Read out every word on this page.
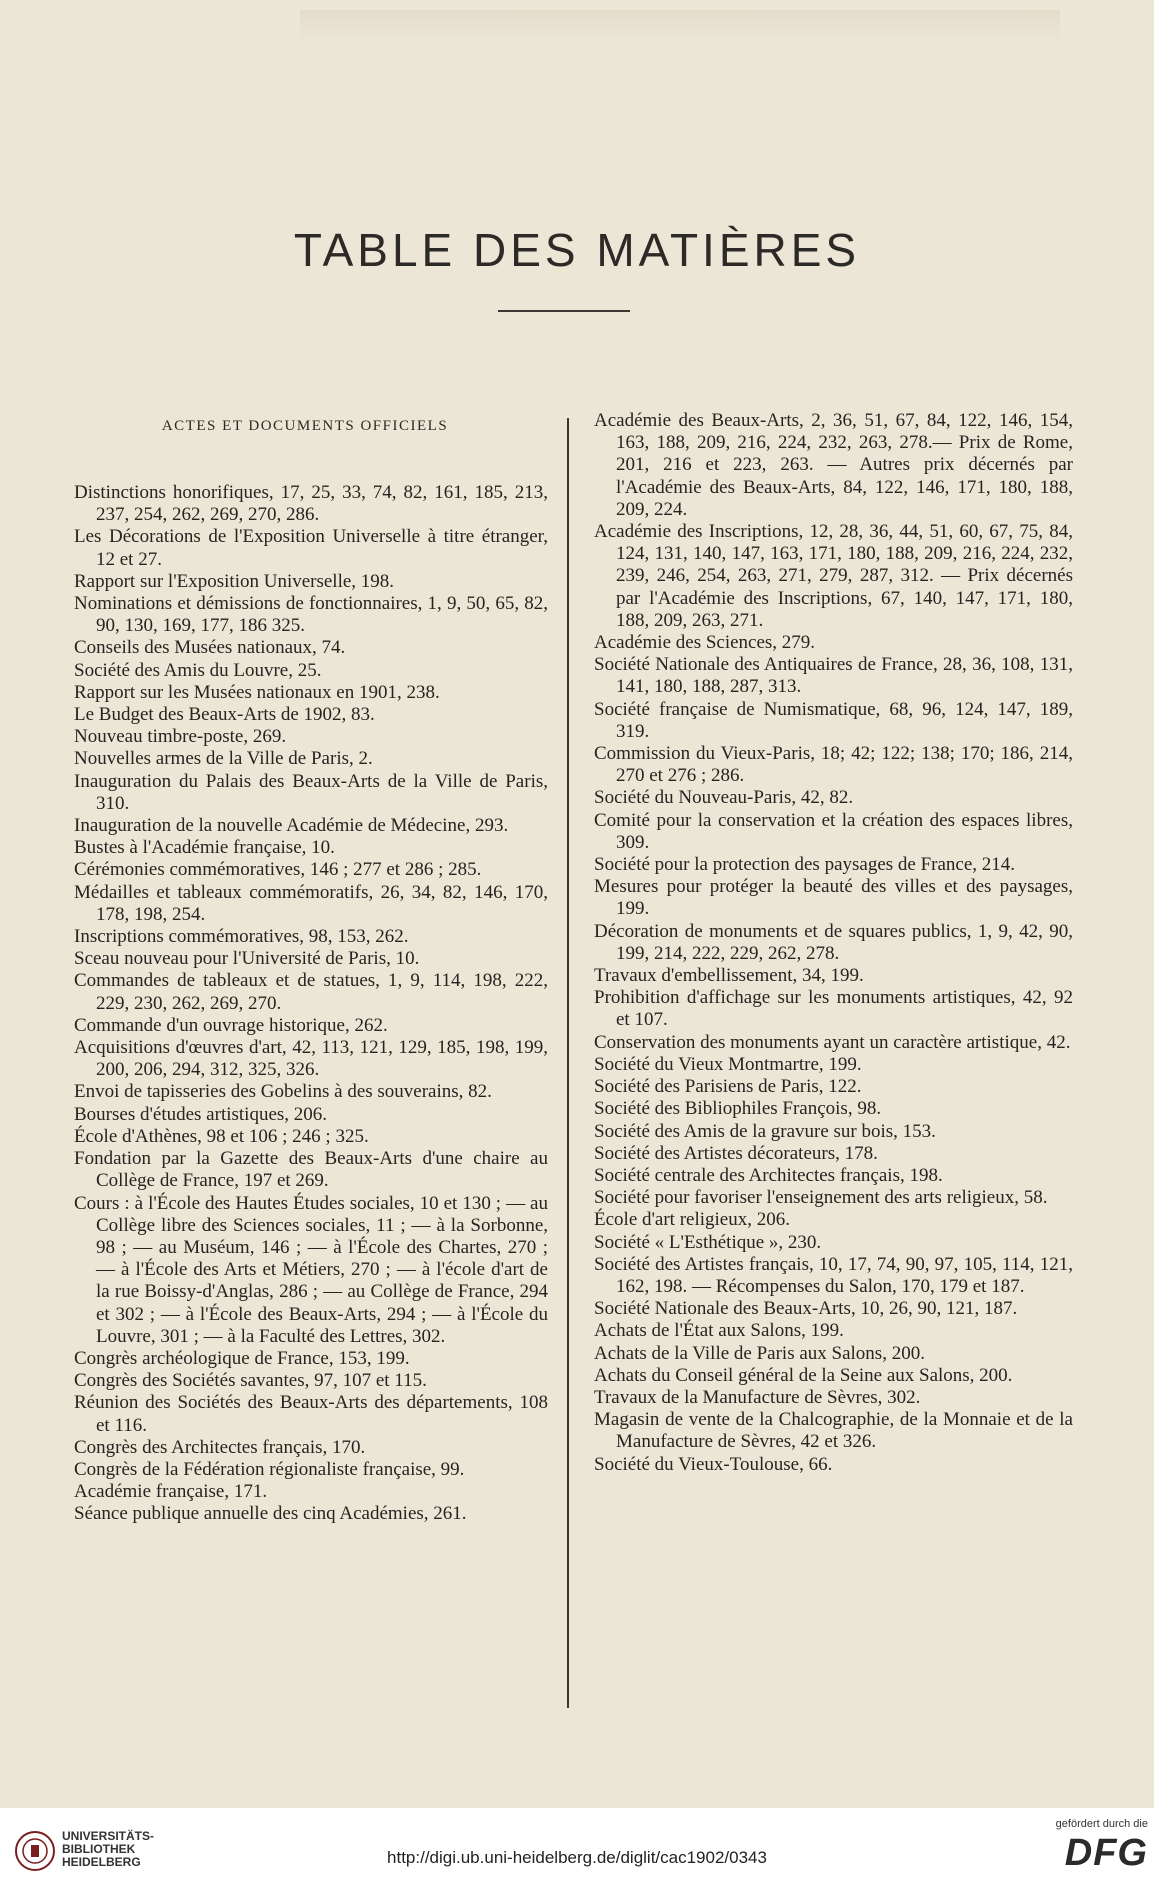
TABLE DES MATIÈRES
ACTES ET DOCUMENTS OFFICIELS

Distinctions honorifiques, 17, 25, 33, 74, 82, 161, 185, 213, 237, 254, 262, 269, 270, 286.

Les Décorations de l'Exposition Universelle à titre étranger, 12 et 27.

Rapport sur l'Exposition Universelle, 198.

Nominations et démissions de fonctionnaires, 1, 9, 50, 65, 82, 90, 130, 169, 177, 186 325.

Conseils des Musées nationaux, 74.

Société des Amis du Louvre, 25.

Rapport sur les Musées nationaux en 1901, 238.

Le Budget des Beaux-Arts de 1902, 83.

Nouveau timbre-poste, 269.

Nouvelles armes de la Ville de Paris, 2.

Inauguration du Palais des Beaux-Arts de la Ville de Paris, 310.

Inauguration de la nouvelle Académie de Médecine, 293.

Bustes à l'Académie française, 10.

Cérémonies commémoratives, 146 ; 277 et 286 ; 285.

Médailles et tableaux commémoratifs, 26, 34, 82, 146, 170, 178, 198, 254.

Inscriptions commémoratives, 98, 153, 262.

Sceau nouveau pour l'Université de Paris, 10.

Commandes de tableaux et de statues, 1, 9, 114, 198, 222, 229, 230, 262, 269, 270.

Commande d'un ouvrage historique, 262.

Acquisitions d'œuvres d'art, 42, 113, 121, 129, 185, 198, 199, 200, 206, 294, 312, 325, 326.

Envoi de tapisseries des Gobelins à des souverains, 82.

Bourses d'études artistiques, 206.

École d'Athènes, 98 et 106 ; 246 ; 325.

Fondation par la Gazette des Beaux-Arts d'une chaire au Collège de France, 197 et 269.

Cours : à l'École des Hautes Études sociales, 10 et 130 ; — au Collège libre des Sciences sociales, 11 ; — à la Sorbonne, 98 ; — au Muséum, 146 ; — à l'École des Chartes, 270 ; — à l'École des Arts et Métiers, 270 ; — à l'école d'art de la rue Boissy-d'Anglas, 286 ; — au Collège de France, 294 et 302 ; — à l'École des Beaux-Arts, 294 ; — à l'École du Louvre, 301 ; — à la Faculté des Lettres, 302.

Congrès archéologique de France, 153, 199.

Congrès des Sociétés savantes, 97, 107 et 115.

Réunion des Sociétés des Beaux-Arts des départements, 108 et 116.

Congrès des Architectes français, 170.

Congrès de la Fédération régionaliste française, 99.

Académie française, 171.

Séance publique annuelle des cinq Académies, 261.

Académie des Beaux-Arts, 2, 36, 51, 67, 84, 122, 146, 154, 163, 188, 209, 216, 224, 232, 263, 278.— Prix de Rome, 201, 216 et 223, 263. — Autres prix décernés par l'Académie des Beaux-Arts, 84, 122, 146, 171, 180, 188, 209, 224.

Académie des Inscriptions, 12, 28, 36, 44, 51, 60, 67, 75, 84, 124, 131, 140, 147, 163, 171, 180, 188, 209, 216, 224, 232, 239, 246, 254, 263, 271, 279, 287, 312. — Prix décernés par l'Académie des Inscriptions, 67, 140, 147, 171, 180, 188, 209, 263, 271.

Académie des Sciences, 279.

Société Nationale des Antiquaires de France, 28, 36, 108, 131, 141, 180, 188, 287, 313.

Société française de Numismatique, 68, 96, 124, 147, 189, 319.

Commission du Vieux-Paris, 18; 42; 122; 138; 170; 186, 214, 270 et 276 ; 286.

Société du Nouveau-Paris, 42, 82.

Comité pour la conservation et la création des espaces libres, 309.

Société pour la protection des paysages de France, 214.

Mesures pour protéger la beauté des villes et des paysages, 199.

Décoration de monuments et de squares publics, 1, 9, 42, 90, 199, 214, 222, 229, 262, 278.

Travaux d'embellissement, 34, 199.

Prohibition d'affichage sur les monuments artistiques, 42, 92 et 107.

Conservation des monuments ayant un caractère artistique, 42.

Société du Vieux Montmartre, 199.

Société des Parisiens de Paris, 122.

Société des Bibliophiles François, 98.

Société des Amis de la gravure sur bois, 153.

Société des Artistes décorateurs, 178.

Société centrale des Architectes français, 198.

Société pour favoriser l'enseignement des arts religieux, 58.

École d'art religieux, 206.

Société « L'Esthétique », 230.

Société des Artistes français, 10, 17, 74, 90, 97, 105, 114, 121, 162, 198. — Récompenses du Salon, 170, 179 et 187.

Société Nationale des Beaux-Arts, 10, 26, 90, 121, 187.

Achats de l'État aux Salons, 199.

Achats de la Ville de Paris aux Salons, 200.

Achats du Conseil général de la Seine aux Salons, 200.

Travaux de la Manufacture de Sèvres, 302.

Magasin de vente de la Chalcographie, de la Monnaie et de la Manufacture de Sèvres, 42 et 326.

Société du Vieux-Toulouse, 66.

UNIVERSITÄTS-
BIBLIOTHEK
HEIDELBERG	http://digi.ub.uni-heidelberg.de/diglit/cac1902/0343
gefördert durch die
DFG
